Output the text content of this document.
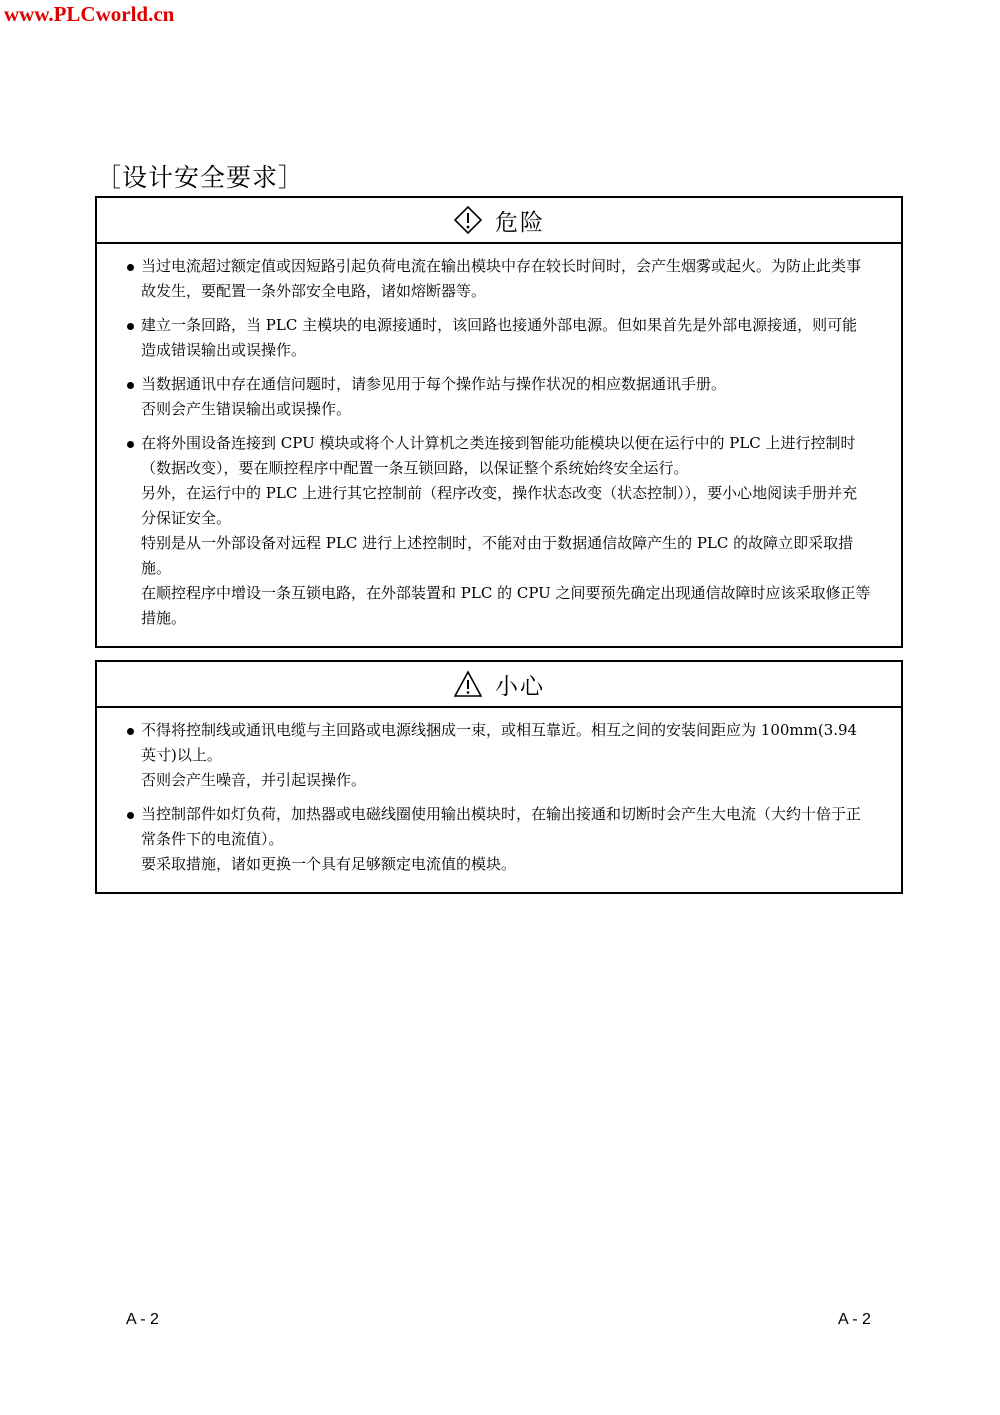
www.PLCworld.cn
［设计安全要求］
危险

当过电流超过额定值或因短路引起负荷电流在输出模块中存在较长时间时，会产生烟雾或起火。为防止此类事故发生，要配置一条外部安全电路，诸如熔断器等。

建立一条回路，当 PLC 主模块的电源接通时，该回路也接通外部电源。但如果首先是外部电源接通，则可能造成错误输出或误操作。

当数据通讯中存在通信问题时，请参见用于每个操作站与操作状况的相应数据通讯手册。

否则会产生错误输出或误操作。

在将外围设备连接到 CPU 模块或将个人计算机之类连接到智能功能模块以便在运行中的 PLC 上进行控制时（数据改变），要在顺控程序中配置一条互锁回路，以保证整个系统始终安全运行。

另外，在运行中的 PLC 上进行其它控制前（程序改变，操作状态改变（状态控制）），要小心地阅读手册并充分保证安全。

特别是从一外部设备对远程 PLC 进行上述控制时，不能对由于数据通信故障产生的 PLC 的故障立即采取措施。

在顺控程序中增设一条互锁电路，在外部装置和 PLC 的 CPU 之间要预先确定出现通信故障时应该采取修正等措施。

小心

不得将控制线或通讯电缆与主回路或电源线捆成一束，或相互靠近。相互之间的安装间距应为 100mm(3.94 英寸)以上。

否则会产生噪音，并引起误操作。

当控制部件如灯负荷，加热器或电磁线圈使用输出模块时，在输出接通和切断时会产生大电流（大约十倍于正常条件下的电流值）。

要采取措施，诸如更换一个具有足够额定电流值的模块。

A - 2	A - 2
